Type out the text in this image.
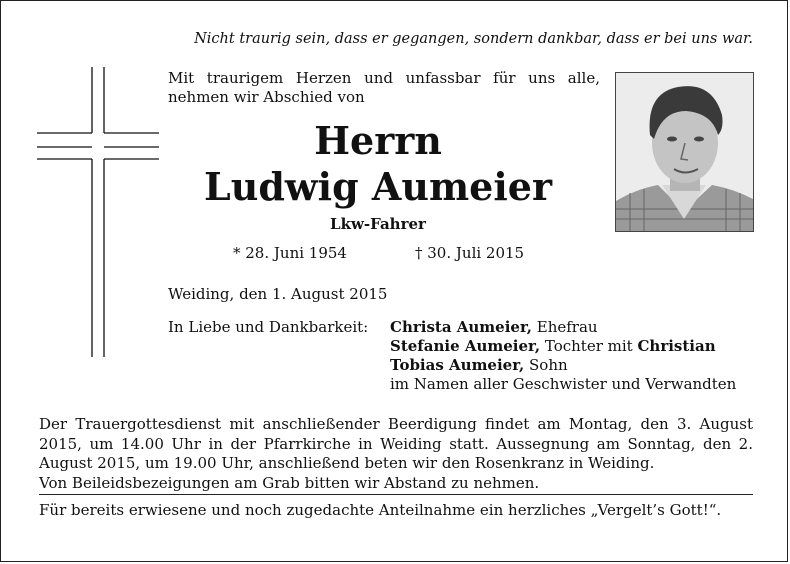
Nicht traurig sein, dass er gegangen, sondern dankbar, dass er bei uns war.
Mit traurigem Herzen und unfassbar für uns alle, nehmen wir Abschied von
Herrn
Ludwig Aumeier
Lkw-Fahrer
* 28. Juni 1954	† 30. Juli 2015
Weiding, den 1. August 2015
In Liebe und Dankbarkeit: Christa Aumeier, Ehefrau
Stefanie Aumeier, Tochter mit Christian
Tobias Aumeier, Sohn
im Namen aller Geschwister und Verwandten
Der Trauergottesdienst mit anschließender Beerdigung findet am Montag, den 3. August 2015, um 14.00 Uhr in der Pfarrkirche in Weiding statt. Aussegnung am Sonntag, den 2. August 2015, um 19.00 Uhr, anschließend beten wir den Rosenkranz in Weiding.
Von Beileidsbezeigungen am Grab bitten wir Abstand zu nehmen.
Für bereits erwiesene und noch zugedachte Anteilnahme ein herzliches „Vergelt’s Gott!“.
